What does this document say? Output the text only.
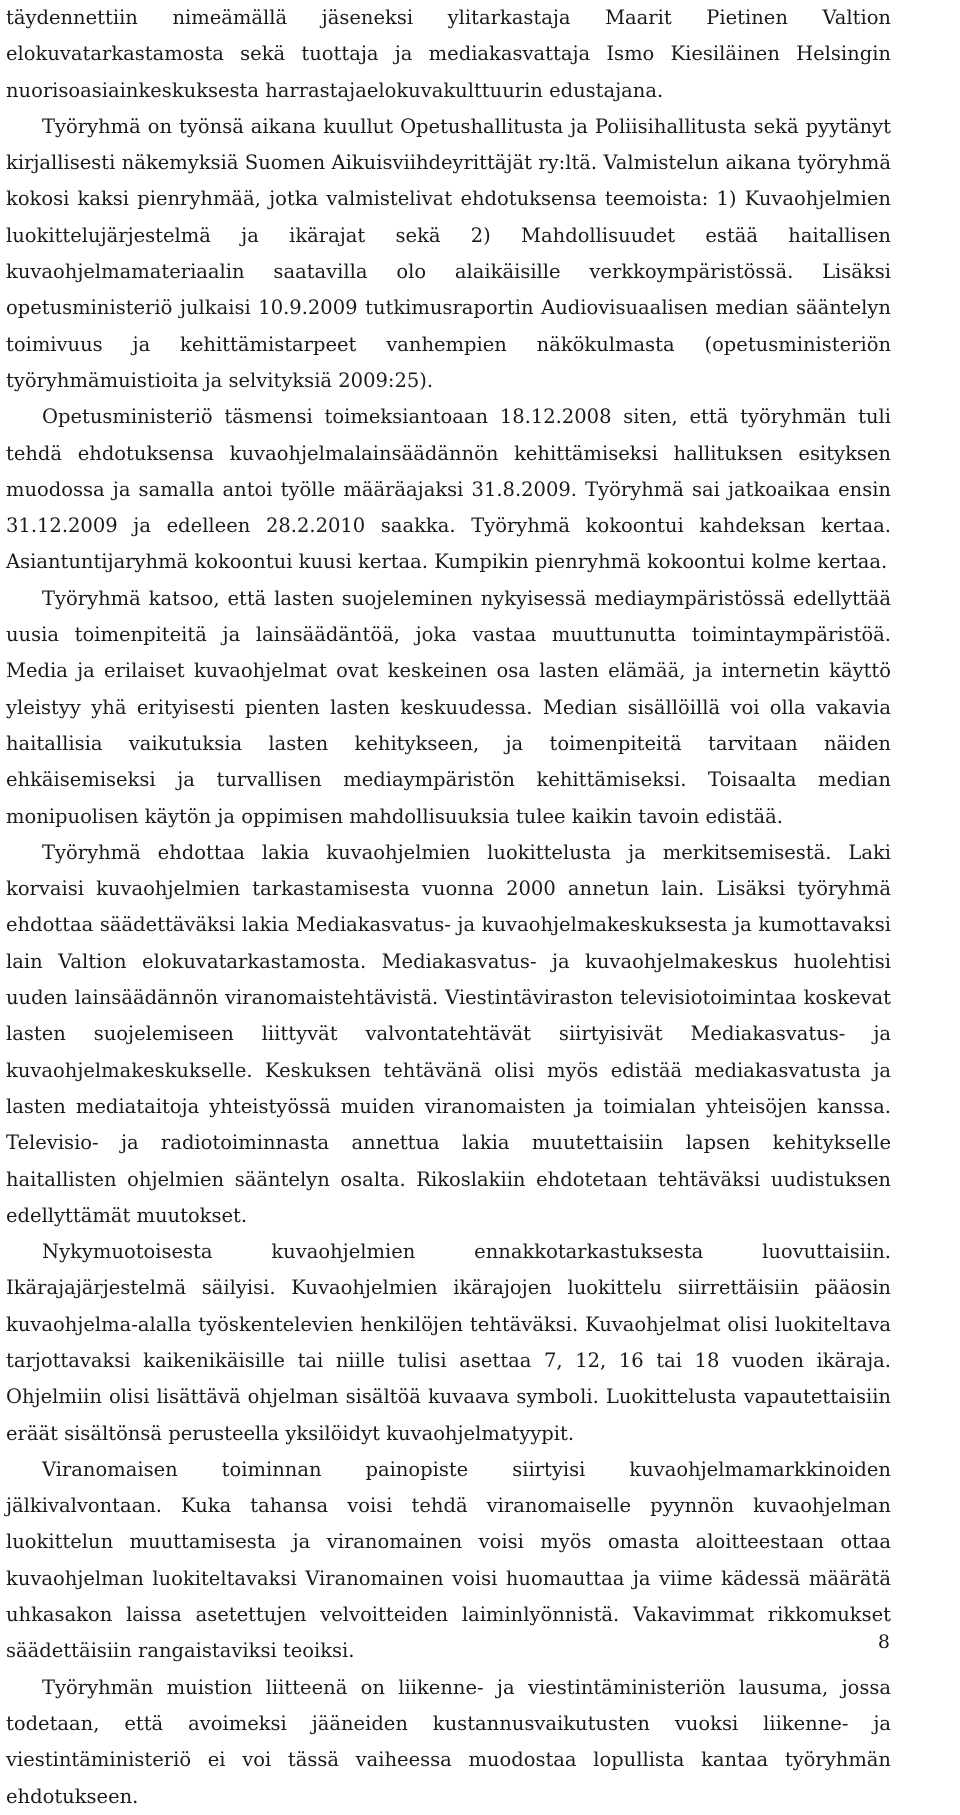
täydennettiin nimeämällä jäseneksi ylitarkastaja Maarit Pietinen Valtion elokuvatarkastamosta sekä tuottaja ja mediakasvattaja Ismo Kiesiläinen Helsingin nuorisoasiainkeskuksesta harrastajaelokuvakulttuurin edustajana.

Työryhmä on työnsä aikana kuullut Opetushallitusta ja Poliisihallitusta sekä pyytänyt kirjallisesti näkemyksiä Suomen Aikuisviihdeyrittäjät ry:ltä. Valmistelun aikana työryhmä kokosi kaksi pienryhmää, jotka valmistelivat ehdotuksensa teemoista: 1) Kuvaohjelmien luokittelujärjestelmä ja ikärajat sekä 2) Mahdollisuudet estää haitallisen kuvaohjelmamateriaalin saatavilla olo alaikäisille verkkoympäristössä. Lisäksi opetusministeriö julkaisi 10.9.2009 tutkimusraportin Audiovisuaalisen median sääntelyn toimivuus ja kehittämistarpeet vanhempien näkökulmasta (opetusministeriön työryhmämuistioita ja selvityksiä 2009:25).

Opetusministeriö täsmensi toimeksiantoaan 18.12.2008 siten, että työryhmän tuli tehdä ehdotuksensa kuvaohjelmalainsäädännön kehittämiseksi hallituksen esityksen muodossa ja samalla antoi työlle määräajaksi 31.8.2009. Työryhmä sai jatkoaikaa ensin 31.12.2009 ja edelleen 28.2.2010 saakka. Työryhmä kokoontui kahdeksan kertaa. Asiantuntijaryhmä kokoontui kuusi kertaa. Kumpikin pienryhmä kokoontui kolme kertaa.

Työryhmä katsoo, että lasten suojeleminen nykyisessä mediaympäristössä edellyttää uusia toimenpiteitä ja lainsäädäntöä, joka vastaa muuttunutta toimintaympäristöä. Media ja erilaiset kuvaohjelmat ovat keskeinen osa lasten elämää, ja internetin käyttö yleistyy yhä erityisesti pienten lasten keskuudessa. Median sisällöillä voi olla vakavia haitallisia vaikutuksia lasten kehitykseen, ja toimenpiteitä tarvitaan näiden ehkäisemiseksi ja turvallisen mediaympäristön kehittämiseksi. Toisaalta median monipuolisen käytön ja oppimisen mahdollisuuksia tulee kaikin tavoin edistää.

Työryhmä ehdottaa lakia kuvaohjelmien luokittelusta ja merkitsemisestä. Laki korvaisi kuvaohjelmien tarkastamisesta vuonna 2000 annetun lain. Lisäksi työryhmä ehdottaa säädettäväksi lakia Mediakasvatus- ja kuvaohjelmakeskuksesta ja kumottavaksi lain Valtion elokuvatarkastamosta. Mediakasvatus- ja kuvaohjelmakeskus huolehtisi uuden lainsäädännön viranomaistehtävistä. Viestintäviraston televisiotoimintaa koskevat lasten suojelemiseen liittyvät valvontatehtävät siirtyisivät Mediakasvatus- ja kuvaohjelmakeskukselle. Keskuksen tehtävänä olisi myös edistää mediakasvatusta ja lasten mediataitoja yhteistyössä muiden viranomaisten ja toimialan yhteisöjen kanssa. Televisio- ja radiotoiminnasta annettua lakia muutettaisiin lapsen kehitykselle haitallisten ohjelmien sääntelyn osalta. Rikoslakiin ehdotetaan tehtäväksi uudistuksen edellyttämät muutokset.

Nykymuotoisesta kuvaohjelmien ennakkotarkastuksesta luovuttaisiin. Ikärajajärjestelmä säilyisi. Kuvaohjelmien ikärajojen luokittelu siirrettäisiin pääosin kuvaohjelma-alalla työskentelevien henkilöjen tehtäväksi. Kuvaohjelmat olisi luokiteltava tarjottavaksi kaikenikäisille tai niille tulisi asettaa 7, 12, 16 tai 18 vuoden ikäraja. Ohjelmiin olisi lisättävä ohjelman sisältöä kuvaava symboli. Luokittelusta vapautettaisiin eräät sisältönsä perusteella yksilöidyt kuvaohjelmatyypit.

Viranomaisen toiminnan painopiste siirtyisi kuvaohjelmamarkkinoiden jälkivalvontaan. Kuka tahansa voisi tehdä viranomaiselle pyynnön kuvaohjelman luokittelun muuttamisesta ja viranomainen voisi myös omasta aloitteestaan ottaa kuvaohjelman luokiteltavaksi Viranomainen voisi huomauttaa ja viime kädessä määrätä uhkasakon laissa asetettujen velvoitteiden laiminlyönnistä. Vakavimmat rikkomukset säädettäisiin rangaistaviksi teoiksi.

Työryhmän muistion liitteenä on liikenne- ja viestintäministeriön lausuma, jossa todetaan, että avoimeksi jääneiden kustannusvaikutusten vuoksi liikenne- ja viestintäministeriö ei voi tässä vaiheessa muodostaa lopullista kantaa työryhmän ehdotukseen.

8
